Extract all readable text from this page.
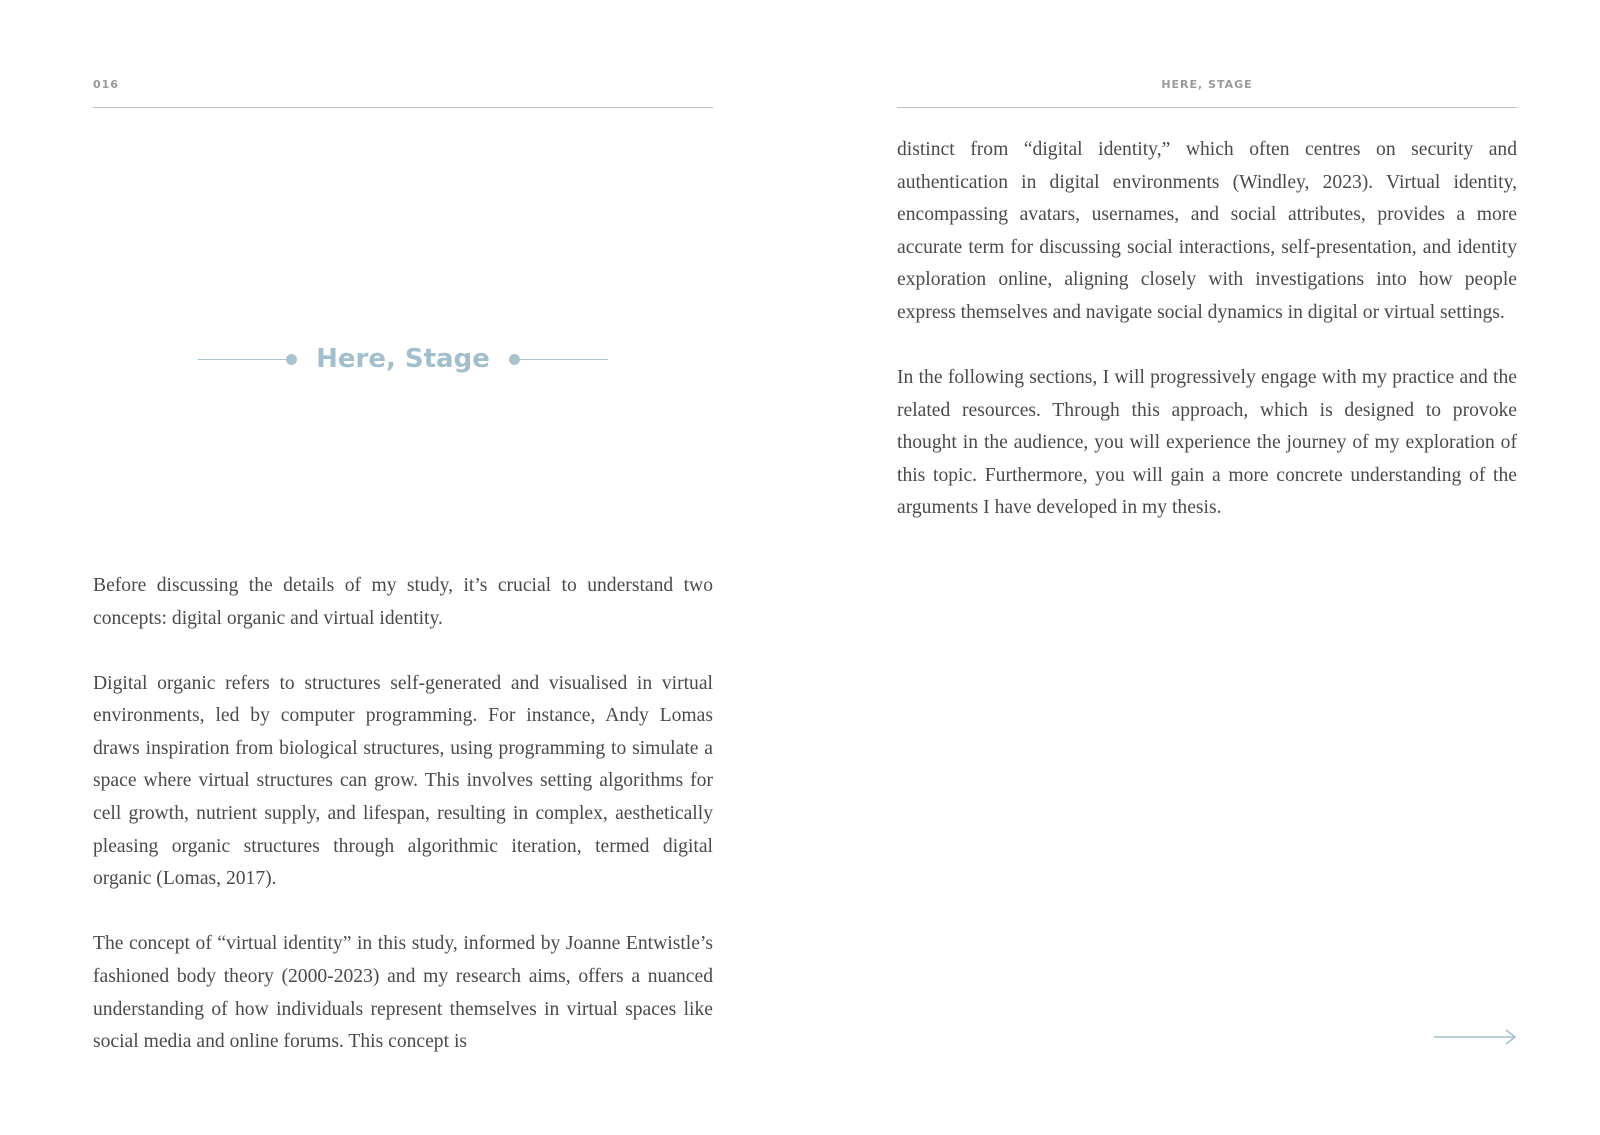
016
Here, Stage

Before discussing the details of my study, it’s crucial to understand two concepts: digital organic and virtual identity.

Digital organic refers to structures self-generated and visualised in virtual environments, led by computer programming. For instance, Andy Lomas draws inspiration from biological structures, using programming to simulate a space where virtual structures can grow. This involves setting algorithms for cell growth, nutrient supply, and lifespan, resulting in complex, aesthetically pleasing organic structures through algorithmic iteration, termed digital organic (Lomas, 2017).

The concept of “virtual identity” in this study, informed by Joanne Entwistle’s fashioned body theory (2000-2023) and my research aims, offers a nuanced understanding of how individuals represent themselves in virtual spaces like social media and online forums. This concept is

HERE, STAGE

distinct from “digital identity,” which often centres on security and authentication in digital environments (Windley, 2023). Virtual identity, encompassing avatars, usernames, and social attributes, provides a more accurate term for discussing social interactions, self-presentation, and identity exploration online, aligning closely with investigations into how people express themselves and navigate social dynamics in digital or virtual settings.

In the following sections, I will progressively engage with my practice and the related resources. Through this approach, which is designed to provoke thought in the audience, you will experience the journey of my exploration of this topic. Furthermore, you will gain a more concrete understanding of the arguments I have developed in my thesis.
